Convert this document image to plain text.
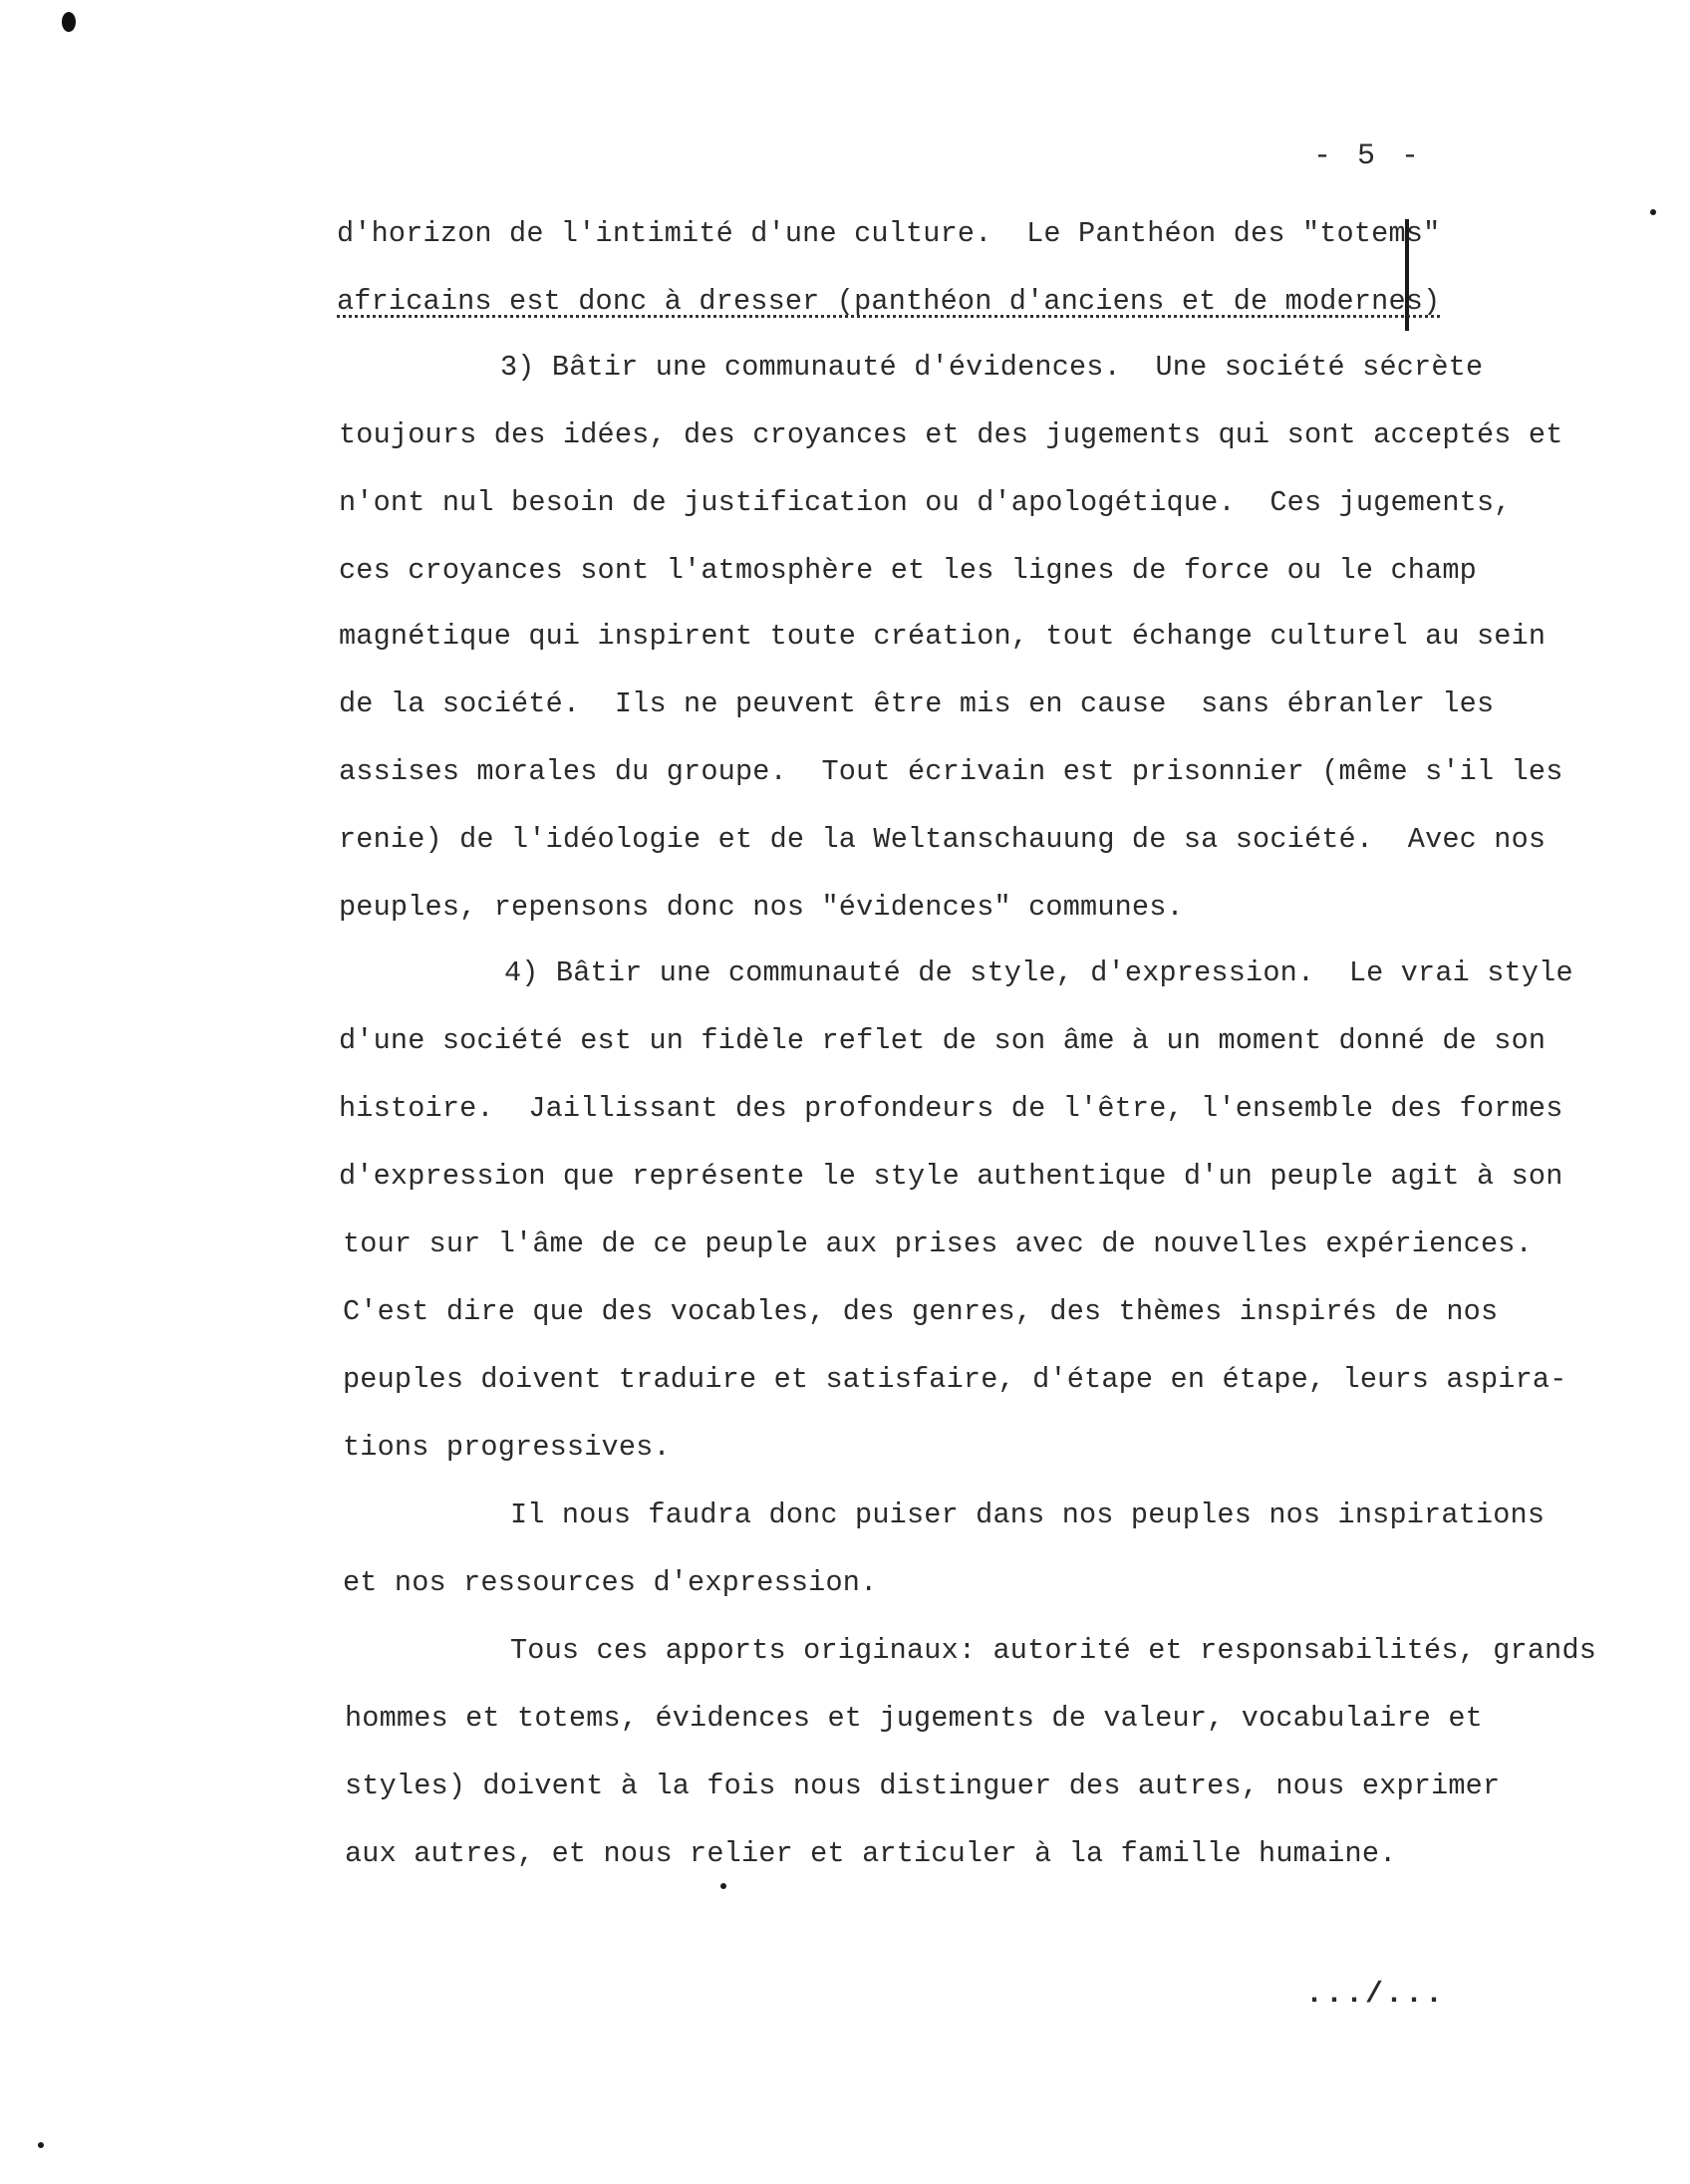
- 5 -
d'horizon de l'intimité d'une culture.  Le Panthéon des "totems"
africains est donc à dresser (panthéon d'anciens et de modernes)
3) Bâtir une communauté d'évidences.  Une société sécrète
toujours des idées, des croyances et des jugements qui sont acceptés et
n'ont nul besoin de justification ou d'apologétique.  Ces jugements,
ces croyances sont l'atmosphère et les lignes de force ou le champ
magnétique qui inspirent toute création, tout échange culturel au sein
de la société.  Ils ne peuvent être mis en cause  sans ébranler les
assises morales du groupe.  Tout écrivain est prisonnier (même s'il les
renie) de l'idéologie et de la Weltanschauung de sa société.  Avec nos
peuples, repensons donc nos "évidences" communes.
4) Bâtir une communauté de style, d'expression.  Le vrai style
d'une société est un fidèle reflet de son âme à un moment donné de son
histoire.  Jaillissant des profondeurs de l'être, l'ensemble des formes
d'expression que représente le style authentique d'un peuple agit à son
tour sur l'âme de ce peuple aux prises avec de nouvelles expériences.
C'est dire que des vocables, des genres, des thèmes inspirés de nos
peuples doivent traduire et satisfaire, d'étape en étape, leurs aspira-
tions progressives.
Il nous faudra donc puiser dans nos peuples nos inspirations
et nos ressources d'expression.
Tous ces apports originaux: autorité et responsabilités, grands
hommes et totems, évidences et jugements de valeur, vocabulaire et
styles) doivent à la fois nous distinguer des autres, nous exprimer
aux autres, et nous relier et articuler à la famille humaine.
.../...
